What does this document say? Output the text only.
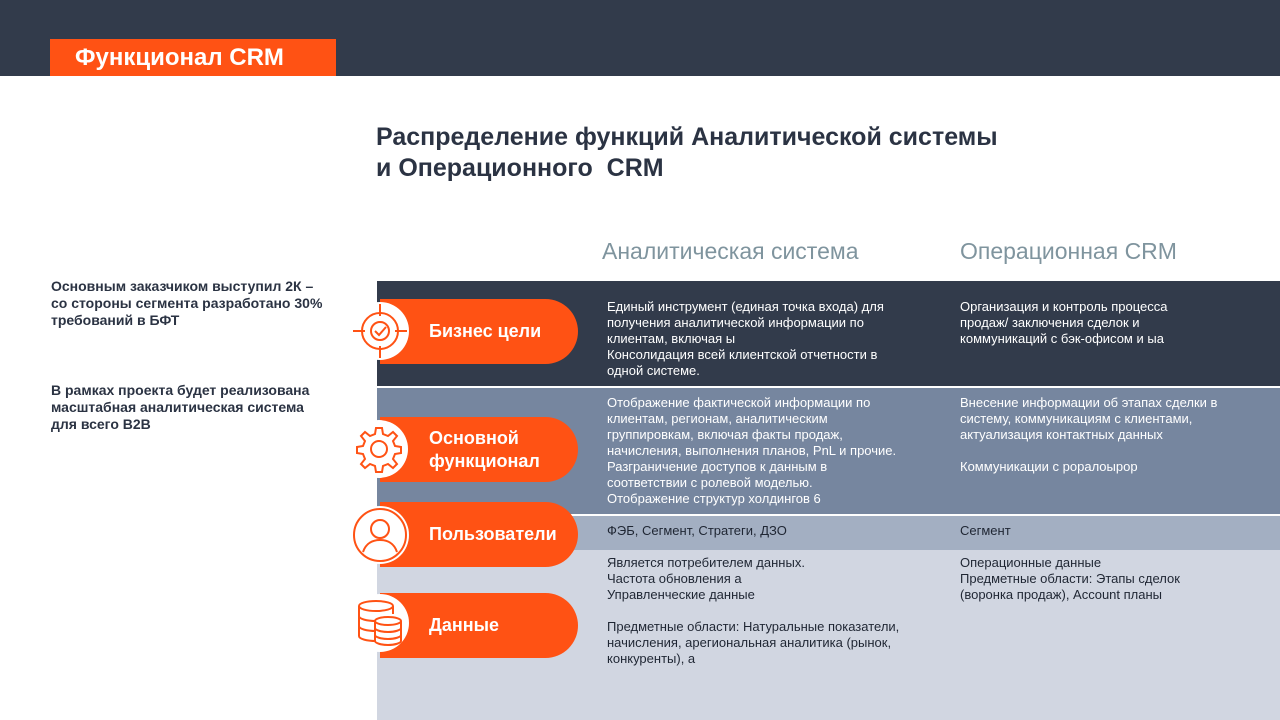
Функционал CRM
Распределение функций Аналитической системы
и Операционного  CRM
Основным заказчиком выступил 2К – со стороны сегмента разработано 30% требований в БФТ
В рамках проекта будет реализована масштабная аналитическая система для всего B2B
Аналитическая система	Операционная CRM
Единый инструмент (единая точка входа) для
получения аналитической информации по
клиентам, включая ы
Консолидация всей клиентской отчетности в
одной системе.
Организация и контроль процесса
продаж/ заключения сделок и
коммуникаций с бэк-офисом и ыа
Отображение фактической информации по
клиентам, регионам, аналитическим
группировкам, включая факты продаж,
начисления, выполнения планов, PnL и прочие.
Разграничение доступов к данным в
соответствии с ролевой моделью.
Отображение структур холдингов 6
Внесение информации об этапах сделки в
систему, коммуникациям с клиентами,
актуализация контактных данных

Коммуникации с роралоырор
ФЭБ, Сегмент, Стратеги, ДЗО	Сегмент
Является потребителем данных.
Частота обновления а
Управленческие данные

Предметные области: Натуральные показатели,
начисления, арегиональная аналитика (рынок,
конкуренты), а
Операционные данные
Предметные области: Этапы сделок
(воронка продаж), Account планы
Бизнес цели
Основной
функционал
Пользователи
Данные
